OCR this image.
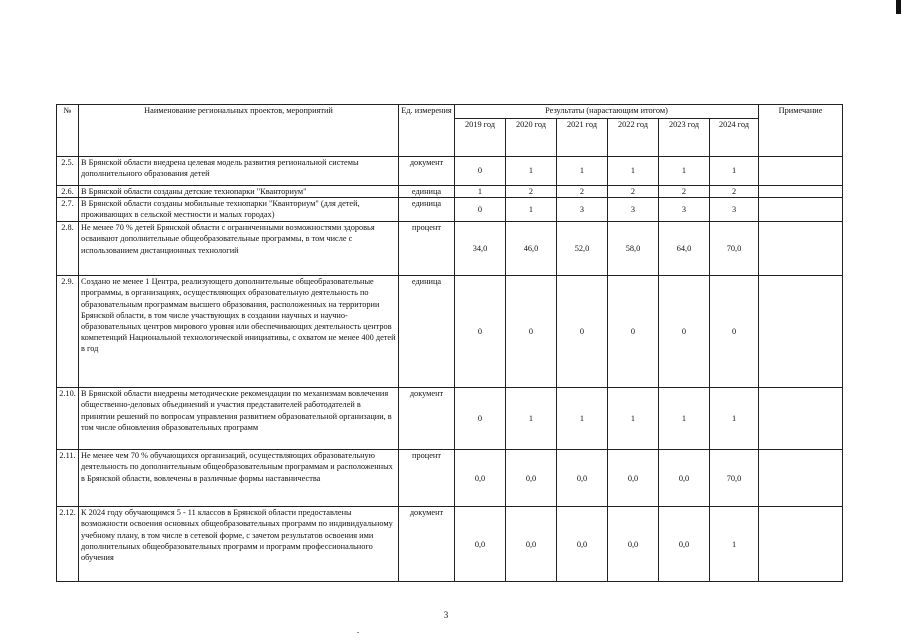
№	Наименование региональных проектов, мероприятий	Ед. измерения	Результаты (нарастающим итогом)						Примечание
			2019 год	2020 год	2021 год	2022 год	2023 год	2024 год	
2.5.	В Брянской области внедрена целевая модель развития региональной системы дополнительного образования детей	документ	0	1	1	1	1	1	
2.6.	В Брянской области созданы детские технопарки "Кванториум"	единица	1	2	2	2	2	2	
2.7.	В Брянской области созданы мобильные технопарки "Кванториум" (для детей, проживающих в сельской местности и малых городах)	единица	0	1	3	3	3	3	
2.8.	Не менее 70 % детей Брянской области с ограниченными возможностями здоровья осваивают дополнительные общеобразовательные программы, в том числе с использованием дистанционных технологий	процент	34,0	46,0	52,0	58,0	64,0	70,0	
2.9.	Создано не менее 1 Центра, реализующего дополнительные общеобразовательные программы, в организациях, осуществляющих образовательную деятельность по образовательным программам высшего образования, расположенных на территории Брянской области, в том числе участвующих в создании научных и научно-образовательных центров мирового уровня или обеспечивающих деятельность центров компетенций Национальной технологической инициативы, с охватом не менее 400 детей в год	единица	0	0	0	0	0	0	
2.10.	В Брянской области внедрены методические рекомендации по механизмам вовлечения общественно-деловых объединений и участия представителей работодателей в принятии решений по вопросам управления развитием образовательной организации, в том числе обновления образовательных программ	документ	0	1	1	1	1	1	
2.11.	Не менее чем 70 % обучающихся организаций, осуществляющих образовательную деятельность по дополнительным общеобразовательным программам и расположенных в Брянской области, вовлечены в различные формы наставничества	процент	0,0	0,0	0,0	0,0	0,0	70,0	
2.12.	К 2024 году обучающимся 5 - 11 классов в Брянской области предоставлены возможности освоения основных общеобразовательных программ по индивидуальному учебному плану, в том числе в сетевой форме, с зачетом результатов освоения ими дополнительных общеобразовательных программ и программ профессионального обучения	документ	0,0	0,0	0,0	0,0	0,0	1	
3
